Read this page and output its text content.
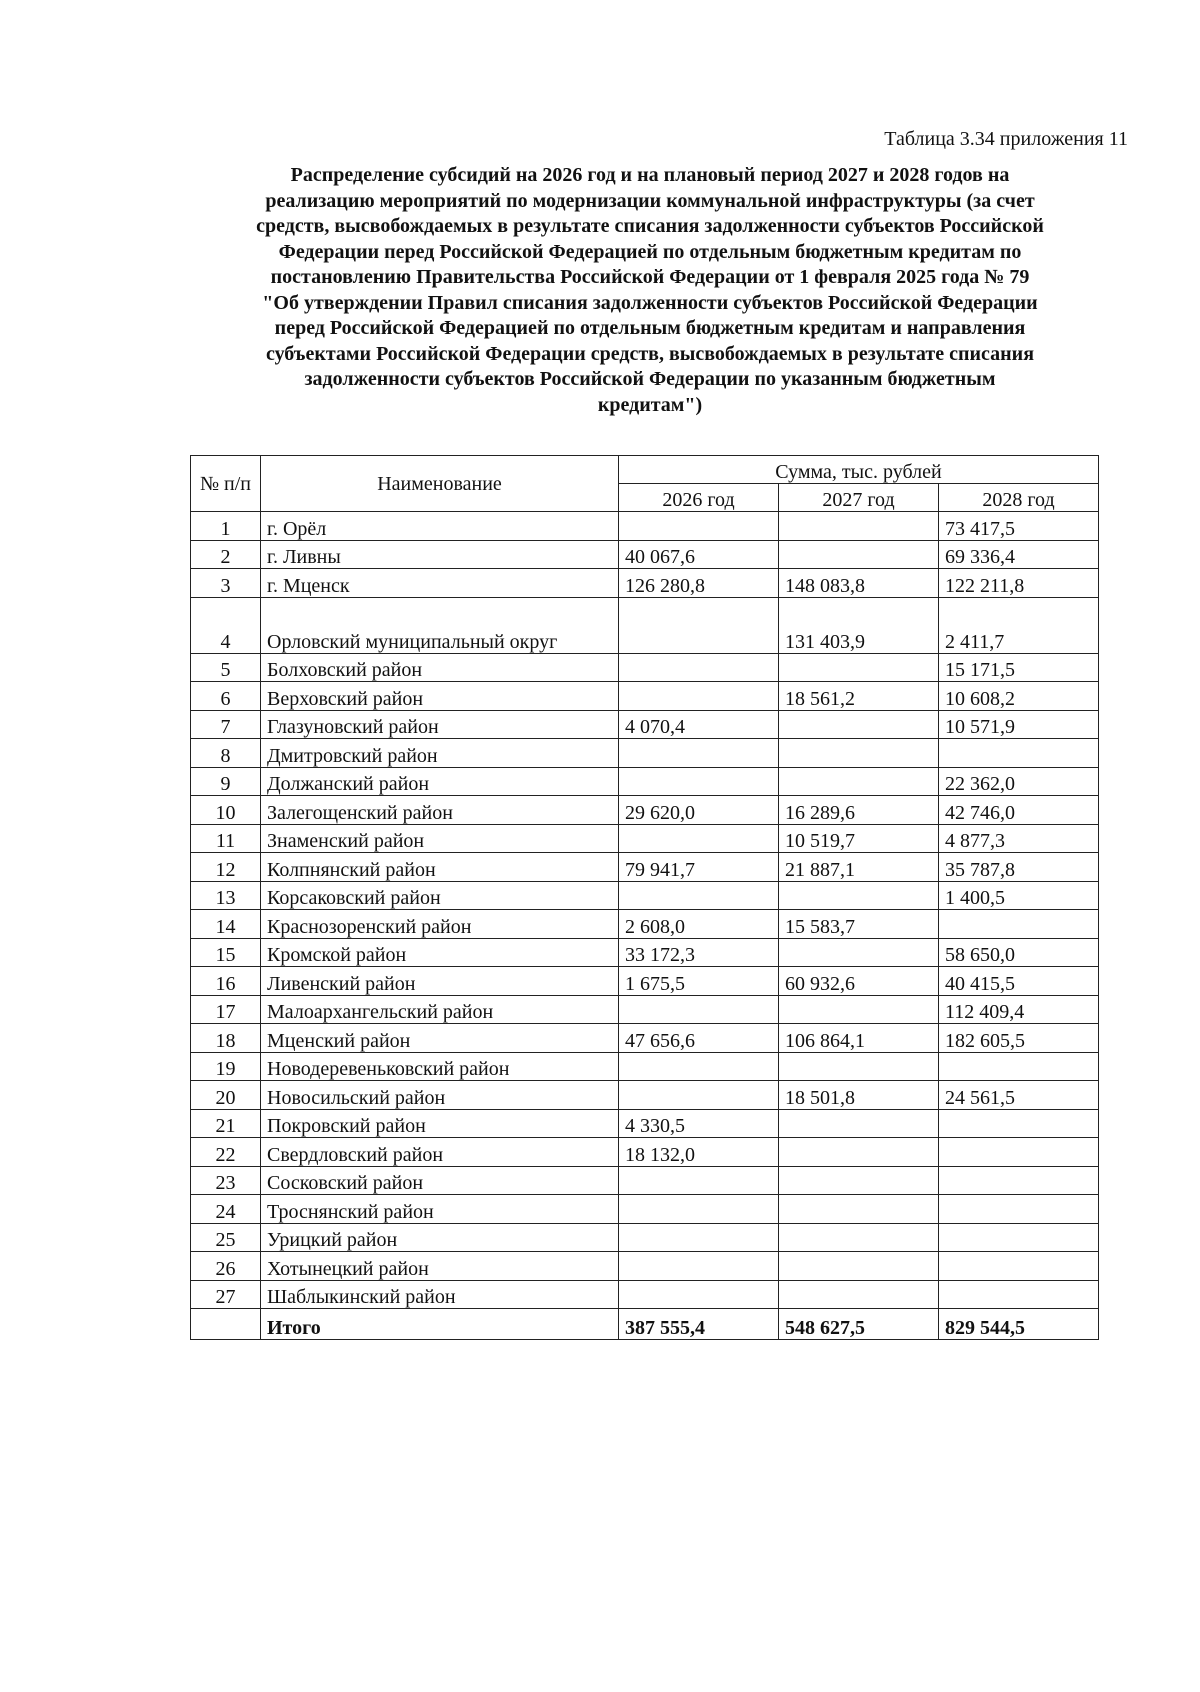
Таблица 3.34 приложения 11
Распределение субсидий на 2026 год и на плановый период 2027 и 2028 годов на
реализацию мероприятий по модернизации коммунальной инфраструктуры (за счет
средств, высвобождаемых в результате списания задолженности субъектов Российской
Федерации перед Российской Федерацией по отдельным бюджетным кредитам по
постановлению Правительства Российской Федерации от 1 февраля 2025 года № 79
"Об утверждении Правил списания задолженности субъектов Российской Федерации
перед Российской Федерацией по отдельным бюджетным кредитам и направления
субъектами Российской Федерации средств, высвобождаемых в результате списания
задолженности субъектов Российской Федерации по указанным бюджетным
кредитам")
№ п/п	Наименование	Сумма, тыс. рублей		
		2026 год	2027 год	2028 год
1	г. Орёл			73 417,5
2	г. Ливны	40 067,6		69 336,4
3	г. Мценск	126 280,8	148 083,8	122 211,8
4	Орловский муниципальный округ		131 403,9	2 411,7
5	Болховский район			15 171,5
6	Верховский район		18 561,2	10 608,2
7	Глазуновский район	4 070,4		10 571,9
8	Дмитровский район			
9	Должанский район			22 362,0
10	Залегощенский район	29 620,0	16 289,6	42 746,0
11	Знаменский район		10 519,7	4 877,3
12	Колпнянский район	79 941,7	21 887,1	35 787,8
13	Корсаковский район			1 400,5
14	Краснозоренский район	2 608,0	15 583,7	
15	Кромской район	33 172,3		58 650,0
16	Ливенский район	1 675,5	60 932,6	40 415,5
17	Малоархангельский район			112 409,4
18	Мценский район	47 656,6	106 864,1	182 605,5
19	Новодеревеньковский район			
20	Новосильский район		18 501,8	24 561,5
21	Покровский район	4 330,5		
22	Свердловский район	18 132,0		
23	Сосковский район			
24	Троснянский район			
25	Урицкий район			
26	Хотынецкий район			
27	Шаблыкинский район			
	Итого	387 555,4	548 627,5	829 544,5
